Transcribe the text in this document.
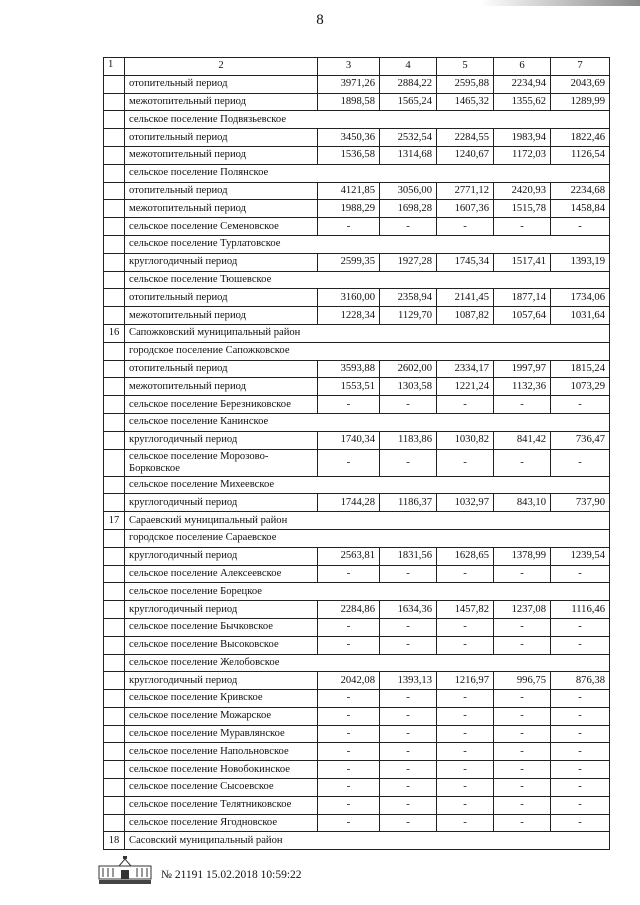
8
1	2	3	4	5	6	7
	отопительный период	3971,26	2884,22	2595,88	2234,94	2043,69
	межотопительный период	1898,58	1565,24	1465,32	1355,62	1289,99
	сельское поселение Подвязьевское					
	отопительный период	3450,36	2532,54	2284,55	1983,94	1822,46
	межотопительный период	1536,58	1314,68	1240,67	1172,03	1126,54
	сельское поселение Полянское					
	отопительный период	4121,85	3056,00	2771,12	2420,93	2234,68
	межотопительный период	1988,29	1698,28	1607,36	1515,78	1458,84
	сельское поселение Семеновское	-	-	-	-	-
	сельское поселение Турлатовское					
	круглогодичный период	2599,35	1927,28	1745,34	1517,41	1393,19
	сельское поселение Тюшевское					
	отопительный период	3160,00	2358,94	2141,45	1877,14	1734,06
	межотопительный период	1228,34	1129,70	1087,82	1057,64	1031,64
16	Сапожковский муниципальный район					
	городское поселение Сапожковское					
	отопительный период	3593,88	2602,00	2334,17	1997,97	1815,24
	межотопительный период	1553,51	1303,58	1221,24	1132,36	1073,29
	сельское поселение Березниковское	-	-	-	-	-
	сельское поселение Канинское					
	круглогодичный период	1740,34	1183,86	1030,82	841,42	736,47
	сельское поселение Морозово-Борковское	-	-	-	-	-
	сельское поселение Михеевское					
	круглогодичный период	1744,28	1186,37	1032,97	843,10	737,90
17	Сараевский муниципальный район					
	городское поселение Сараевское					
	круглогодичный период	2563,81	1831,56	1628,65	1378,99	1239,54
	сельское поселение Алексеевское	-	-	-	-	-
	сельское поселение Борецкое					
	круглогодичный период	2284,86	1634,36	1457,82	1237,08	1116,46
	сельское поселение Бычковское	-	-	-	-	-
	сельское поселение Высоковское	-	-	-	-	-
	сельское поселение Желобовское					
	круглогодичный период	2042,08	1393,13	1216,97	996,75	876,38
	сельское поселение Кривское	-	-	-	-	-
	сельское поселение Можарское	-	-	-	-	-
	сельское поселение Муравлянское	-	-	-	-	-
	сельское поселение Напольновское	-	-	-	-	-
	сельское поселение Новобокинское	-	-	-	-	-
	сельское поселение Сысоевское	-	-	-	-	-
	сельское поселение Телятниковское	-	-	-	-	-
	сельское поселение Ягодновское	-	-	-	-	-
18	Сасовский муниципальный район					
№ 21191 15.02.2018 10:59:22
